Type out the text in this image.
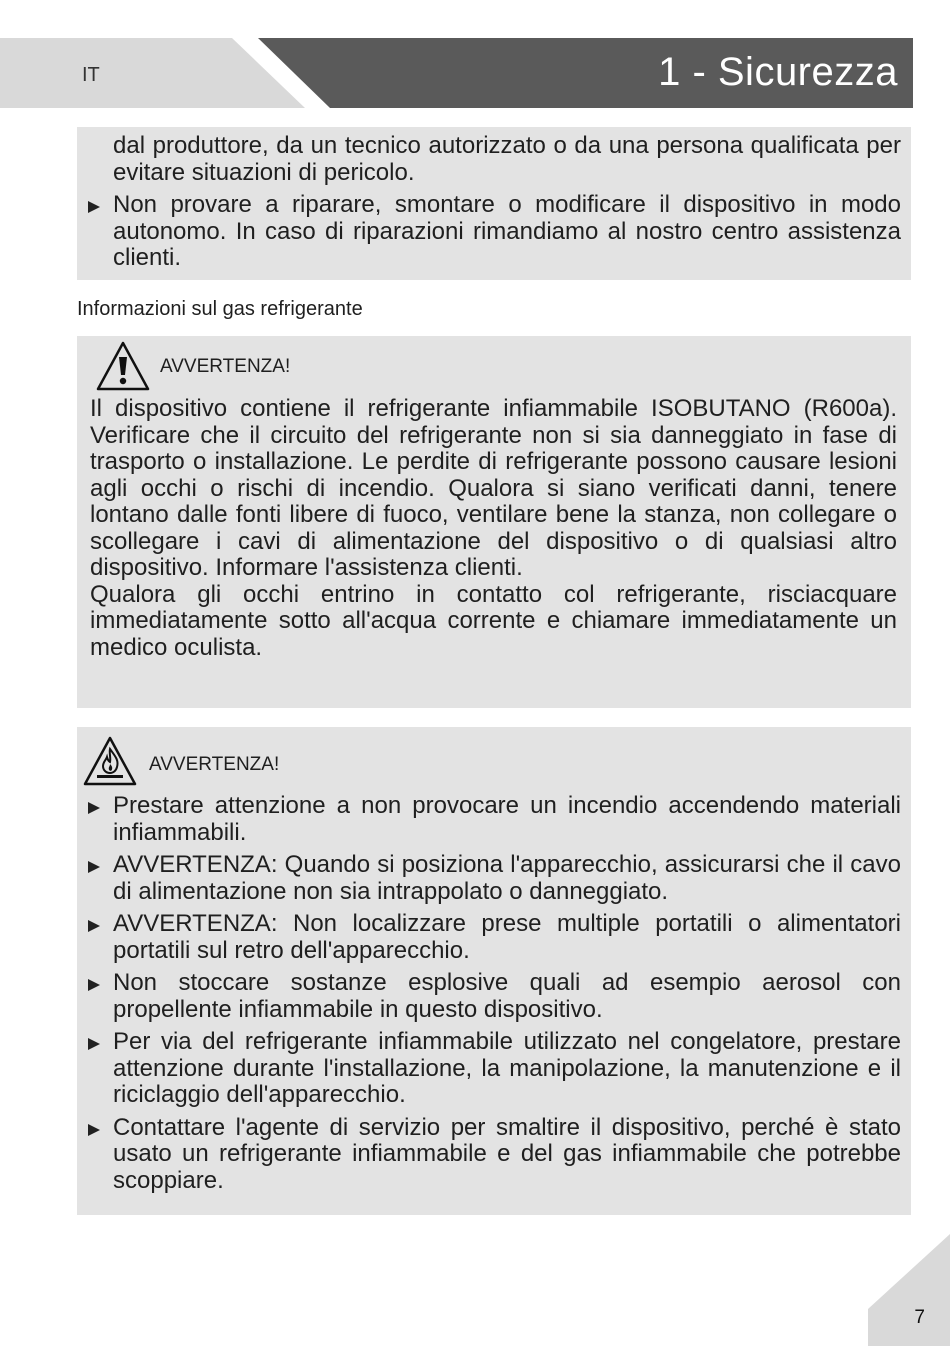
IT	1 - Sicurezza

dal produttore, da un tecnico autorizzato o da una persona qualificata per evitare situazioni di pericolo.

Non provare a riparare, smontare o modificare il dispositivo in modo autonomo. In caso di riparazioni rimandiamo al nostro centro assistenza clienti.
Informazioni sul gas refrigerante
AVVERTENZA!

Il dispositivo contiene il refrigerante infiammabile ISOBUTANO (R600a). Verificare che il circuito del refrigerante non si sia danneggiato in fase di trasporto o installazione. Le perdite di refrigerante possono causare lesioni agli occhi o rischi di incendio. Qualora si siano verificati danni, tenere lontano dalle fonti libere di fuoco, ventilare bene la stanza, non collegare o scollegare i cavi di alimentazione del dispositivo o di qualsiasi altro dispositivo. Informare l'assistenza clienti.

Qualora gli occhi entrino in contatto col refrigerante, risciacquare immediatamente sotto all'acqua corrente e chiamare immediatamente un medico oculista.

AVVERTENZA!
Prestare attenzione a non provocare un incendio accendendo materiali infiammabili.
AVVERTENZA: Quando si posiziona l'apparecchio, assicurarsi che il cavo di alimentazione non sia intrappolato o danneggiato.
AVVERTENZA: Non localizzare prese multiple portatili o alimentatori portatili sul retro dell'apparecchio.
Non stoccare sostanze esplosive quali ad esempio aerosol con propellente infiammabile in questo dispositivo.
Per via del refrigerante infiammabile utilizzato nel congelatore, prestare attenzione durante l'installazione, la manipolazione, la manutenzione e il riciclaggio dell'apparecchio.
Contattare l'agente di servizio per smaltire il dispositivo, perché è stato usato un refrigerante infiammabile e del gas infiammabile che potrebbe scoppiare.
7
